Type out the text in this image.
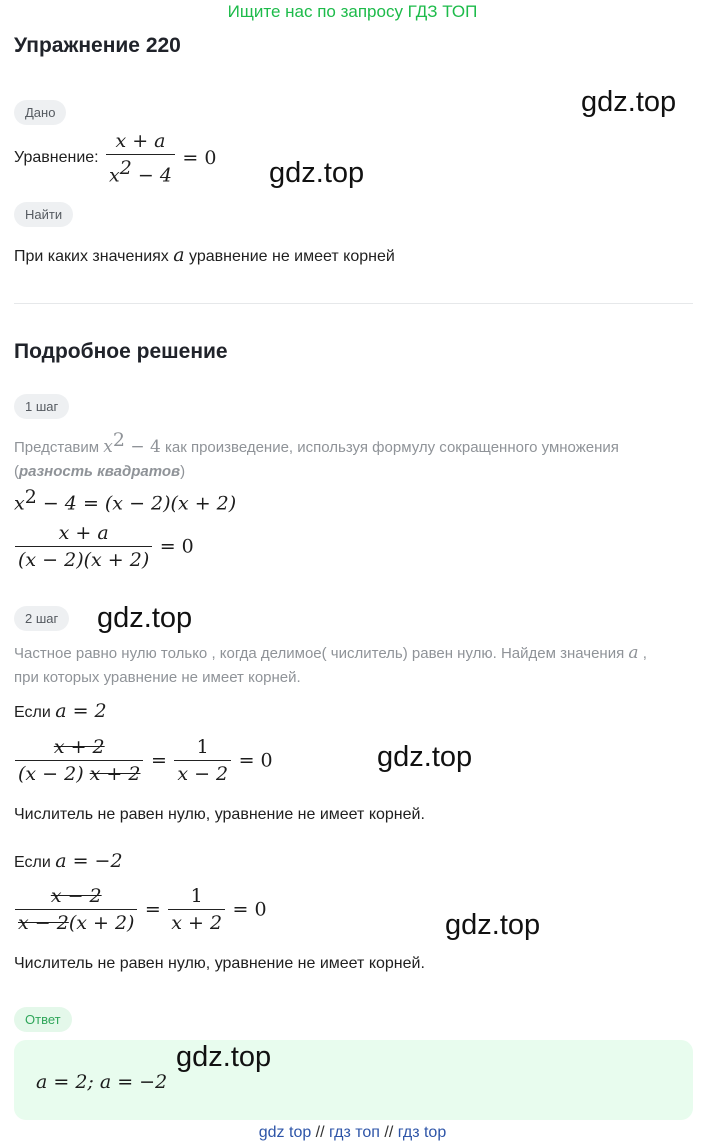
Ищите нас по запросу ГДЗ ТОП
Упражнение 220
Дано
Уравнение: $\frac{x + a}{x^2 - 4} = 0$
Найти
При каких значениях a уравнение не имеет корней
Подробное решение
1 шаг
Представим $x^2 - 4$ как произведение, используя формулу сокращенного умножения
(разность квадратов)
$x^2 - 4 = (x - 2)(x + 2)$
$\frac{x + a}{(x - 2)(x + 2)} = 0$
2 шаг
Частное равно нулю только , когда делимое( числитель) равен нулю. Найдем значения a ,
при которых уравнение не имеет корней.
Если a = 2
$\frac{x + 2}{(x - 2) x + 2} = \frac{1}{x - 2} = 0$
Числитель не равен нулю, уравнение не имеет корней.
Если a = −2
$\frac{x - 2}{x - 2(x + 2)} = \frac{1}{x + 2} = 0$
Числитель не равен нулю, уравнение не имеет корней.
Ответ
a = 2; a = −2
gdz.top
gdz.top
gdz.top
gdz.top
gdz.top
gdz.top
gdz top // гдз топ // гдз top
